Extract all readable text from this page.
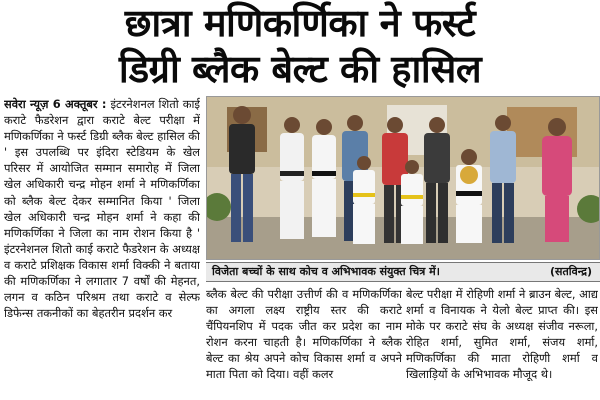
छात्रा मणिकर्णिका ने फर्स्ट
डिग्री ब्लैक बेल्ट की हासिल

सवेरा न्यूज़ 6 अक्तूबर : इंटरनेशनल शितो काई कराटे फैडरेशन द्वारा कराटे बेल्ट परीक्षा में मणिकर्णिका ने फर्स्ट डिग्री ब्लैक बेल्ट हासिल की ' इस उपलब्धि पर इंदिरा स्टेडियम के खेल परिसर में आयोजित सम्मान समारोह में जिला खेल अधिकारी चन्द्र मोहन शर्मा ने मणिकर्णिका को ब्लैक बेल्ट देकर सम्मानित किया ' जिला खेल अधिकारी चन्द्र मोहन शर्मा ने कहा की मणिकर्णिका ने जिला का नाम रोशन किया है ' इंटरनेशनल शितो काई कराटे फैडरेशन के अध्यक्ष व कराटे प्रशिक्षक विकास शर्मा विक्की ने बताया की मणिकर्णिका ने लगातार 7 वर्षों की मेहनत, लगन व कठिन परिश्रम तथा कराटे व सेल्फ डिफेन्स तकनीकों का बेहतरीन प्रदर्शन कर

विजेता बच्चों के साथ कोच व अभिभावक संयुक्त चित्र में।	(सतविन्द्र)

ब्लैक बेल्ट की परीक्षा उत्तीर्ण की व मणिकर्णिका का अगला लक्ष्य राष्ट्रीय स्तर की कराटे चैंपियनशिप में पदक जीत कर प्रदेश का नाम रोशन करना चाहती है। मणिकर्णिका ने ब्लैक बेल्ट का श्रेय अपने कोच विकास शर्मा व अपने माता पिता को दिया। वहीं कलर

बेल्ट परीक्षा में रोहिणी शर्मा ने ब्राउन बेल्ट, आद्य शर्मा व विनायक ने येलो बेल्ट प्राप्त की। इस मोके पर कराटे संघ के अध्यक्ष संजीव नरूला, रोहित शर्मा, सुमित शर्मा, संजय शर्मा, मणिकर्णिका की माता रोहिणी शर्मा व खिलाड़ियों के अभिभावक मौजूद थे।
